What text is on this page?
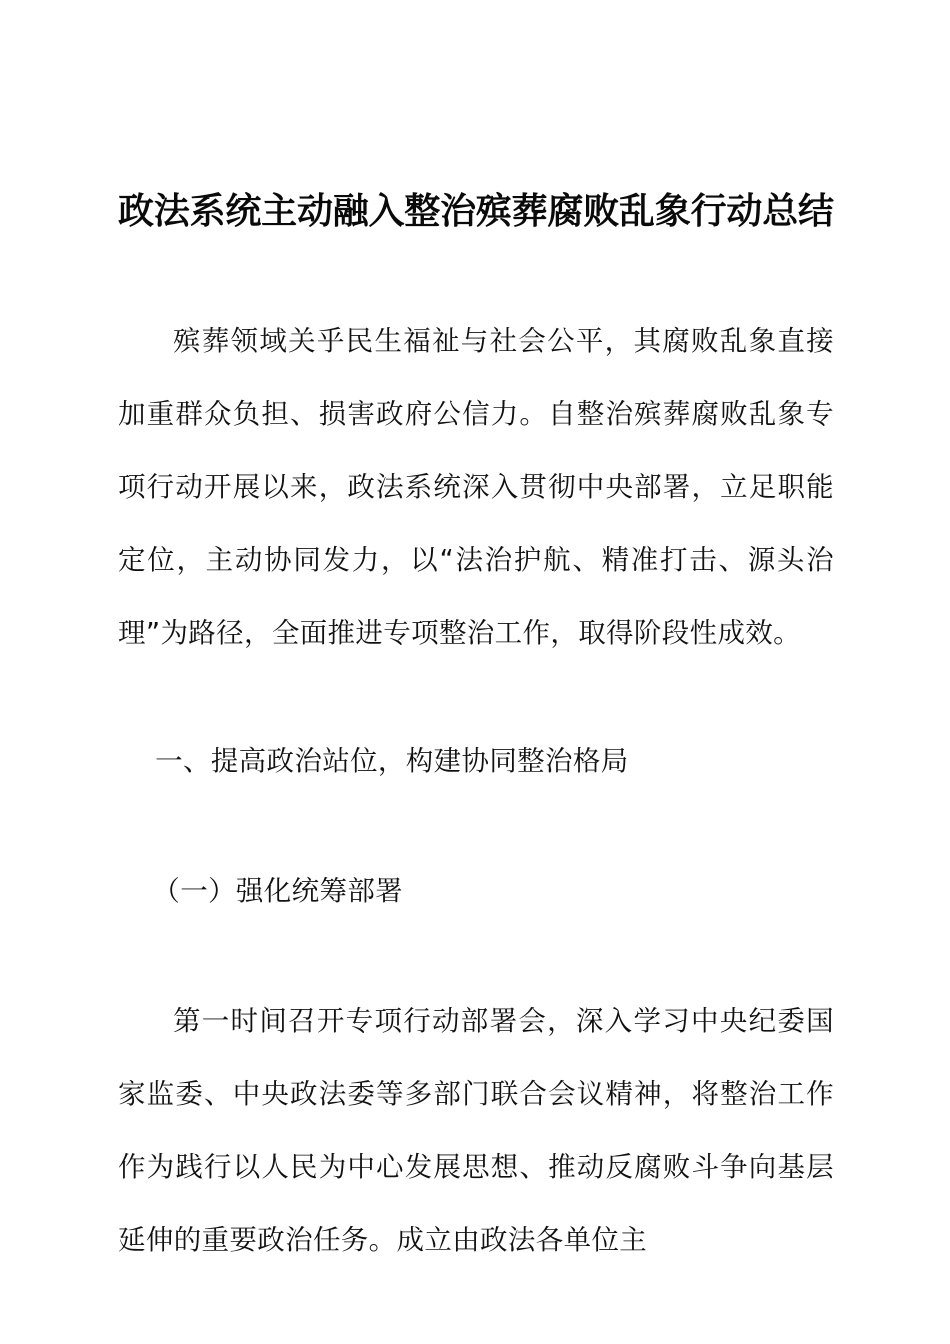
政法系统主动融入整治殡葬腐败乱象行动总结

殡葬领域关乎民生福祉与社会公平，其腐败乱象直接加重群众负担、损害政府公信力。自整治殡葬腐败乱象专项行动开展以来，政法系统深入贯彻中央部署，立足职能定位，主动协同发力，以“法治护航、精准打击、源头治理”为路径，全面推进专项整治工作，取得阶段性成效。

一、提高政治站位，构建协同整治格局

（一）强化统筹部署

第一时间召开专项行动部署会，深入学习中央纪委国家监委、中央政法委等多部门联合会议精神，将整治工作作为践行以人民为中心发展思想、推动反腐败斗争向基层延伸的重要政治任务。成立由政法各单位主
